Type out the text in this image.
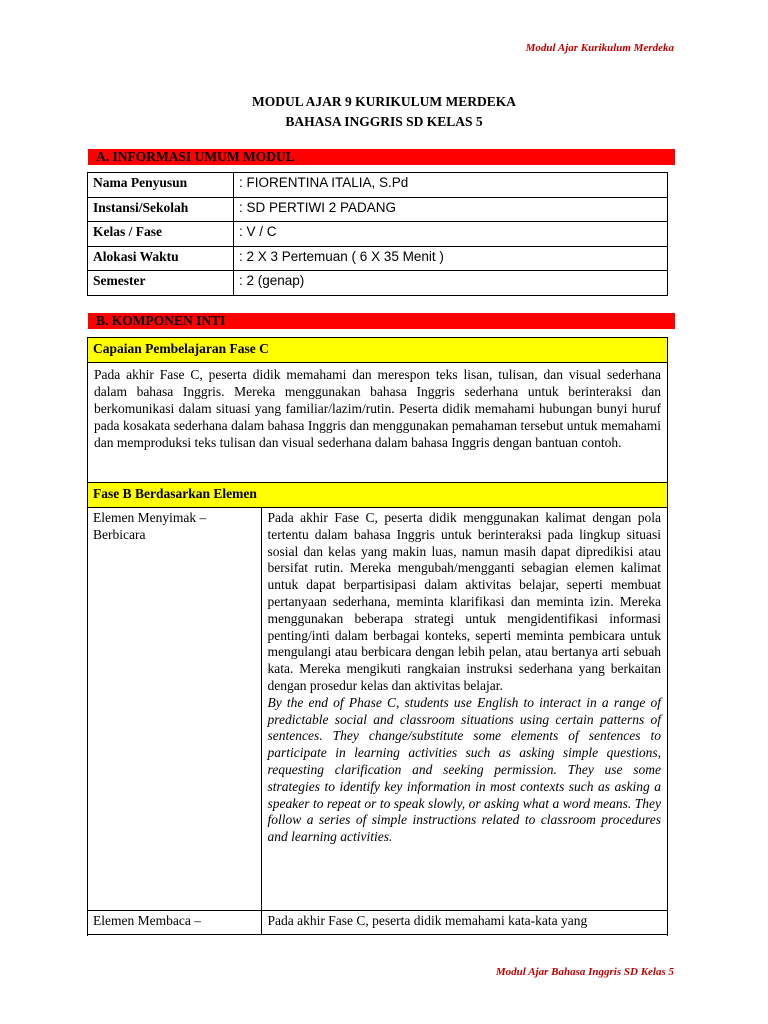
Modul Ajar Kurikulum Merdeka
MODUL AJAR 9 KURIKULUM MERDEKA
BAHASA INGGRIS SD KELAS 5
A. INFORMASI UMUM MODUL
Nama Penyusun	: FIORENTINA ITALIA, S.Pd
Instansi/Sekolah	: SD PERTIWI 2 PADANG
Kelas / Fase	: V / C
Alokasi Waktu	: 2 X 3 Pertemuan ( 6 X 35 Menit )
Semester	: 2 (genap)
B. KOMPONEN INTI
Capaian Pembelajaran Fase C
Pada akhir Fase C, peserta didik memahami dan merespon teks lisan, tulisan, dan visual sederhana dalam bahasa Inggris. Mereka menggunakan bahasa Inggris sederhana untuk berinteraksi dan berkomunikasi dalam situasi yang familiar/lazim/rutin. Peserta didik memahami hubungan bunyi huruf pada kosakata sederhana dalam bahasa Inggris dan menggunakan pemahaman tersebut untuk memahami dan memproduksi teks tulisan dan visual sederhana dalam bahasa Inggris dengan bantuan contoh.
Fase B Berdasarkan Elemen
Elemen Menyimak – Berbicara	Pada akhir Fase C, peserta didik menggunakan kalimat dengan pola tertentu dalam bahasa Inggris untuk berinteraksi pada lingkup situasi sosial dan kelas yang makin luas, namun masih dapat dipredikisi atau bersifat rutin. Mereka mengubah/mengganti sebagian elemen kalimat untuk dapat berpartisipasi dalam aktivitas belajar, seperti membuat pertanyaan sederhana, meminta klarifikasi dan meminta izin. Mereka menggunakan beberapa strategi untuk mengidentifikasi informasi penting/inti dalam berbagai konteks, seperti meminta pembicara untuk mengulangi atau berbicara dengan lebih pelan, atau bertanya arti sebuah kata. Mereka mengikuti rangkaian instruksi sederhana yang berkaitan dengan prosedur kelas dan aktivitas belajar.
By the end of Phase C, students use English to interact in a range of predictable social and classroom situations using certain patterns of sentences. They change/substitute some elements of sentences to participate in learning activities such as asking simple questions, requesting clarification and seeking permission. They use some strategies to identify key information in most contexts such as asking a speaker to repeat or to speak slowly, or asking what a word means. They follow a series of simple instructions related to classroom procedures and learning activities.

Elemen Membaca –	Pada akhir Fase C, peserta didik memahami kata-kata yang
Modul Ajar Bahasa Inggris SD Kelas 5
